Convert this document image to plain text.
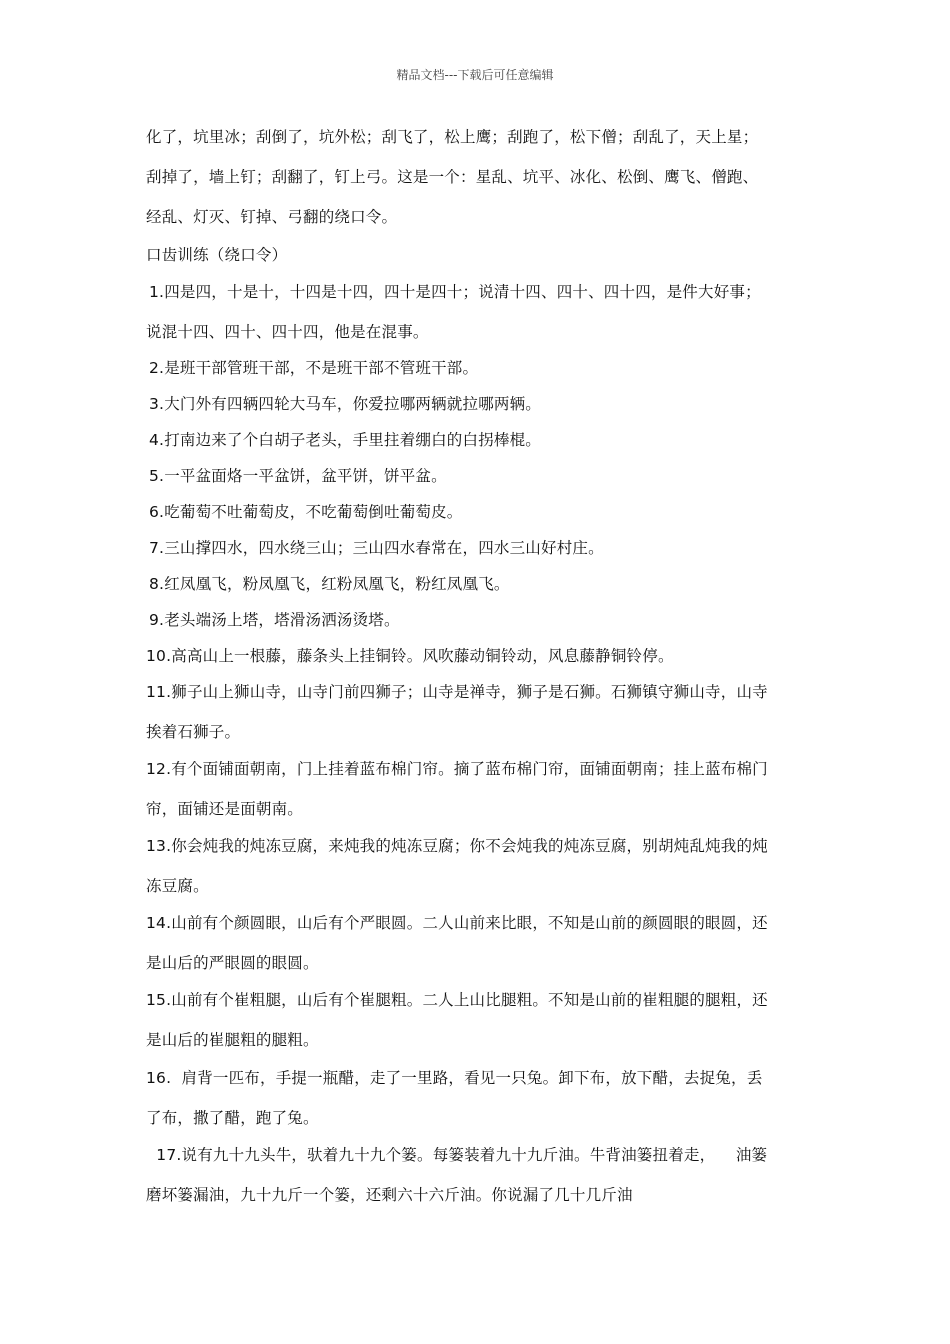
精品文档---下载后可任意编辑
化了，坑里冰；刮倒了，坑外松；刮飞了，松上鹰；刮跑了，松下僧；刮乱了，天上星；
刮掉了，墙上钉；刮翻了，钉上弓。这是一个：星乱、坑平、冰化、松倒、鹰飞、僧跑、
经乱、灯灭、钉掉、弓翻的绕口令。
口齿训练（绕口令）
1.四是四，十是十，十四是十四，四十是四十；说清十四、四十、四十四，是件大好事；
说混十四、四十、四十四，他是在混事。
2.是班干部管班干部，不是班干部不管班干部。
3.大门外有四辆四轮大马车，你爱拉哪两辆就拉哪两辆。
4.打南边来了个白胡子老头，手里拄着绷白的白拐棒棍。
5.一平盆面烙一平盆饼，盆平饼，饼平盆。
6.吃葡萄不吐葡萄皮，不吃葡萄倒吐葡萄皮。
7.三山撑四水，四水绕三山；三山四水春常在，四水三山好村庄。
8.红凤凰飞，粉凤凰飞，红粉凤凰飞，粉红凤凰飞。
9.老头端汤上塔，塔滑汤洒汤烫塔。
10.高高山上一根藤，藤条头上挂铜铃。风吹藤动铜铃动，风息藤静铜铃停。
11.狮子山上狮山寺，山寺门前四狮子；山寺是禅寺，狮子是石狮。石狮镇守狮山寺，山寺
挨着石狮子。
12.有个面铺面朝南，门上挂着蓝布棉门帘。摘了蓝布棉门帘，面铺面朝南；挂上蓝布棉门
帘，面铺还是面朝南。
13.你会炖我的炖冻豆腐，来炖我的炖冻豆腐；你不会炖我的炖冻豆腐，别胡炖乱炖我的炖
冻豆腐。
14.山前有个颜圆眼，山后有个严眼圆。二人山前来比眼，不知是山前的颜圆眼的眼圆，还
是山后的严眼圆的眼圆。
15.山前有个崔粗腿，山后有个崔腿粗。二人上山比腿粗。不知是山前的崔粗腿的腿粗，还
是山后的崔腿粗的腿粗。
16.  肩背一匹布，手提一瓶醋，走了一里路，看见一只兔。卸下布，放下醋，去捉兔，丢
了布，撒了醋，跑了兔。
17.说有九十九头牛，驮着九十九个篓。每篓装着九十九斤油。牛背油篓扭着走，    油篓
磨坏篓漏油，九十九斤一个篓，还剩六十六斤油。你说漏了几十几斤油
